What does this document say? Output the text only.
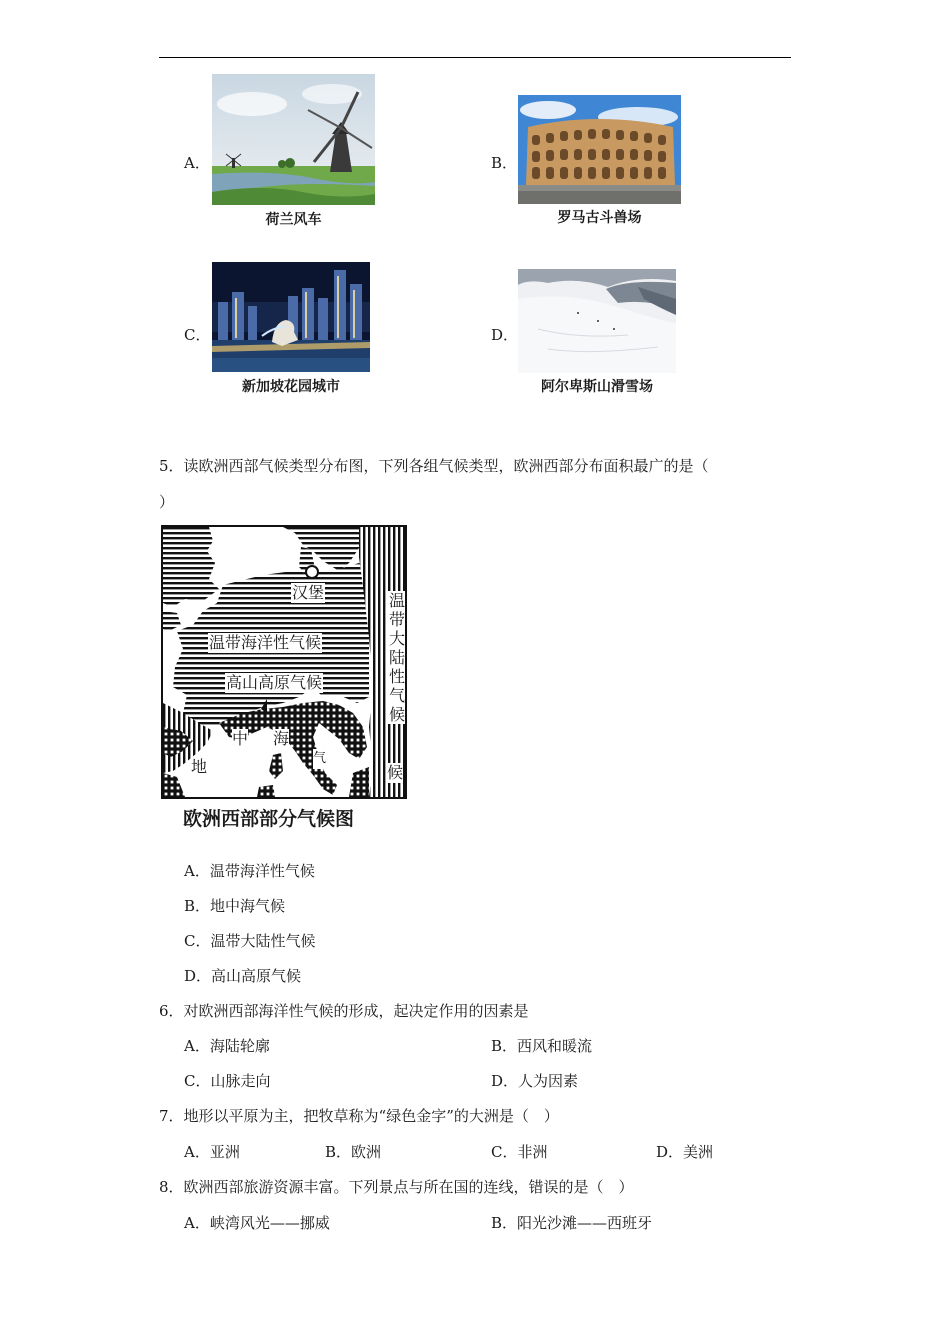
A．
荷兰风车
B．
罗马古斗兽场
C．
新加坡花园城市
D．
阿尔卑斯山滑雪场
5．读欧洲西部气候类型分布图，下列各组气候类型，欧洲西部分布面积最广的是（
）
汉堡
温带海洋性气候
高山高原气候
温带大陆性气候
候
中 海
地	气
欧洲西部部分气候图
A．温带海洋性气候
B．地中海气候
C．温带大陆性气候
D．高山高原气候
6．对欧洲西部海洋性气候的形成，起决定作用的因素是
A．海陆轮廓	B．西风和暖流
C．山脉走向	D．人为因素
7．地形以平原为主，把牧草称为“绿色金字”的大洲是（　）
A．亚洲	B．欧洲	C．非洲	D．美洲
8．欧洲西部旅游资源丰富。下列景点与所在国的连线，错误的是（　）
A．峡湾风光——挪威	B．阳光沙滩——西班牙
